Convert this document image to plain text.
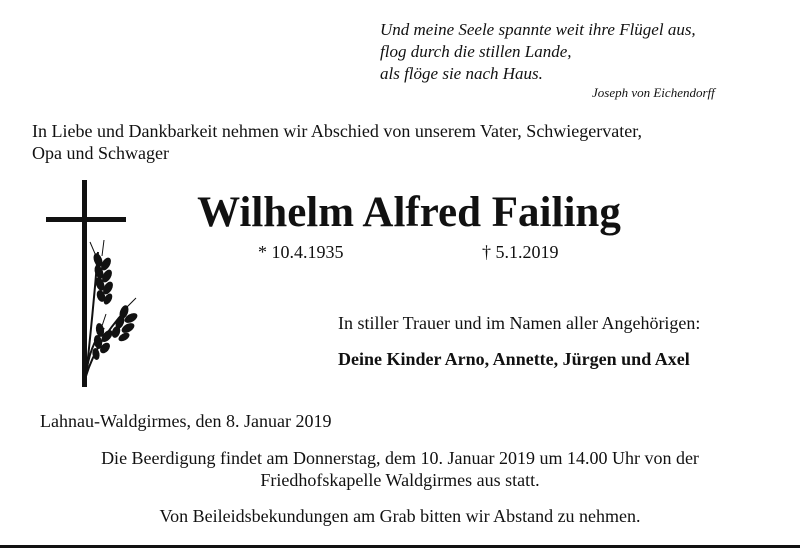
Und meine Seele spannte weit ihre Flügel aus,
flog durch die stillen Lande,
als flöge sie nach Haus.
Joseph von Eichendorff
In Liebe und Dankbarkeit nehmen wir Abschied von unserem Vater, Schwiegervater,
Opa und Schwager
Wilhelm Alfred Failing
* 10.4.1935	† 5.1.2019
In stiller Trauer und im Namen aller Angehörigen:
Deine Kinder Arno, Annette, Jürgen und Axel
Lahnau-Waldgirmes, den 8. Januar 2019
Die Beerdigung findet am Donnerstag, dem 10. Januar 2019 um 14.00 Uhr von der
Friedhofskapelle Waldgirmes aus statt.
Von Beileidsbekundungen am Grab bitten wir Abstand zu nehmen.
